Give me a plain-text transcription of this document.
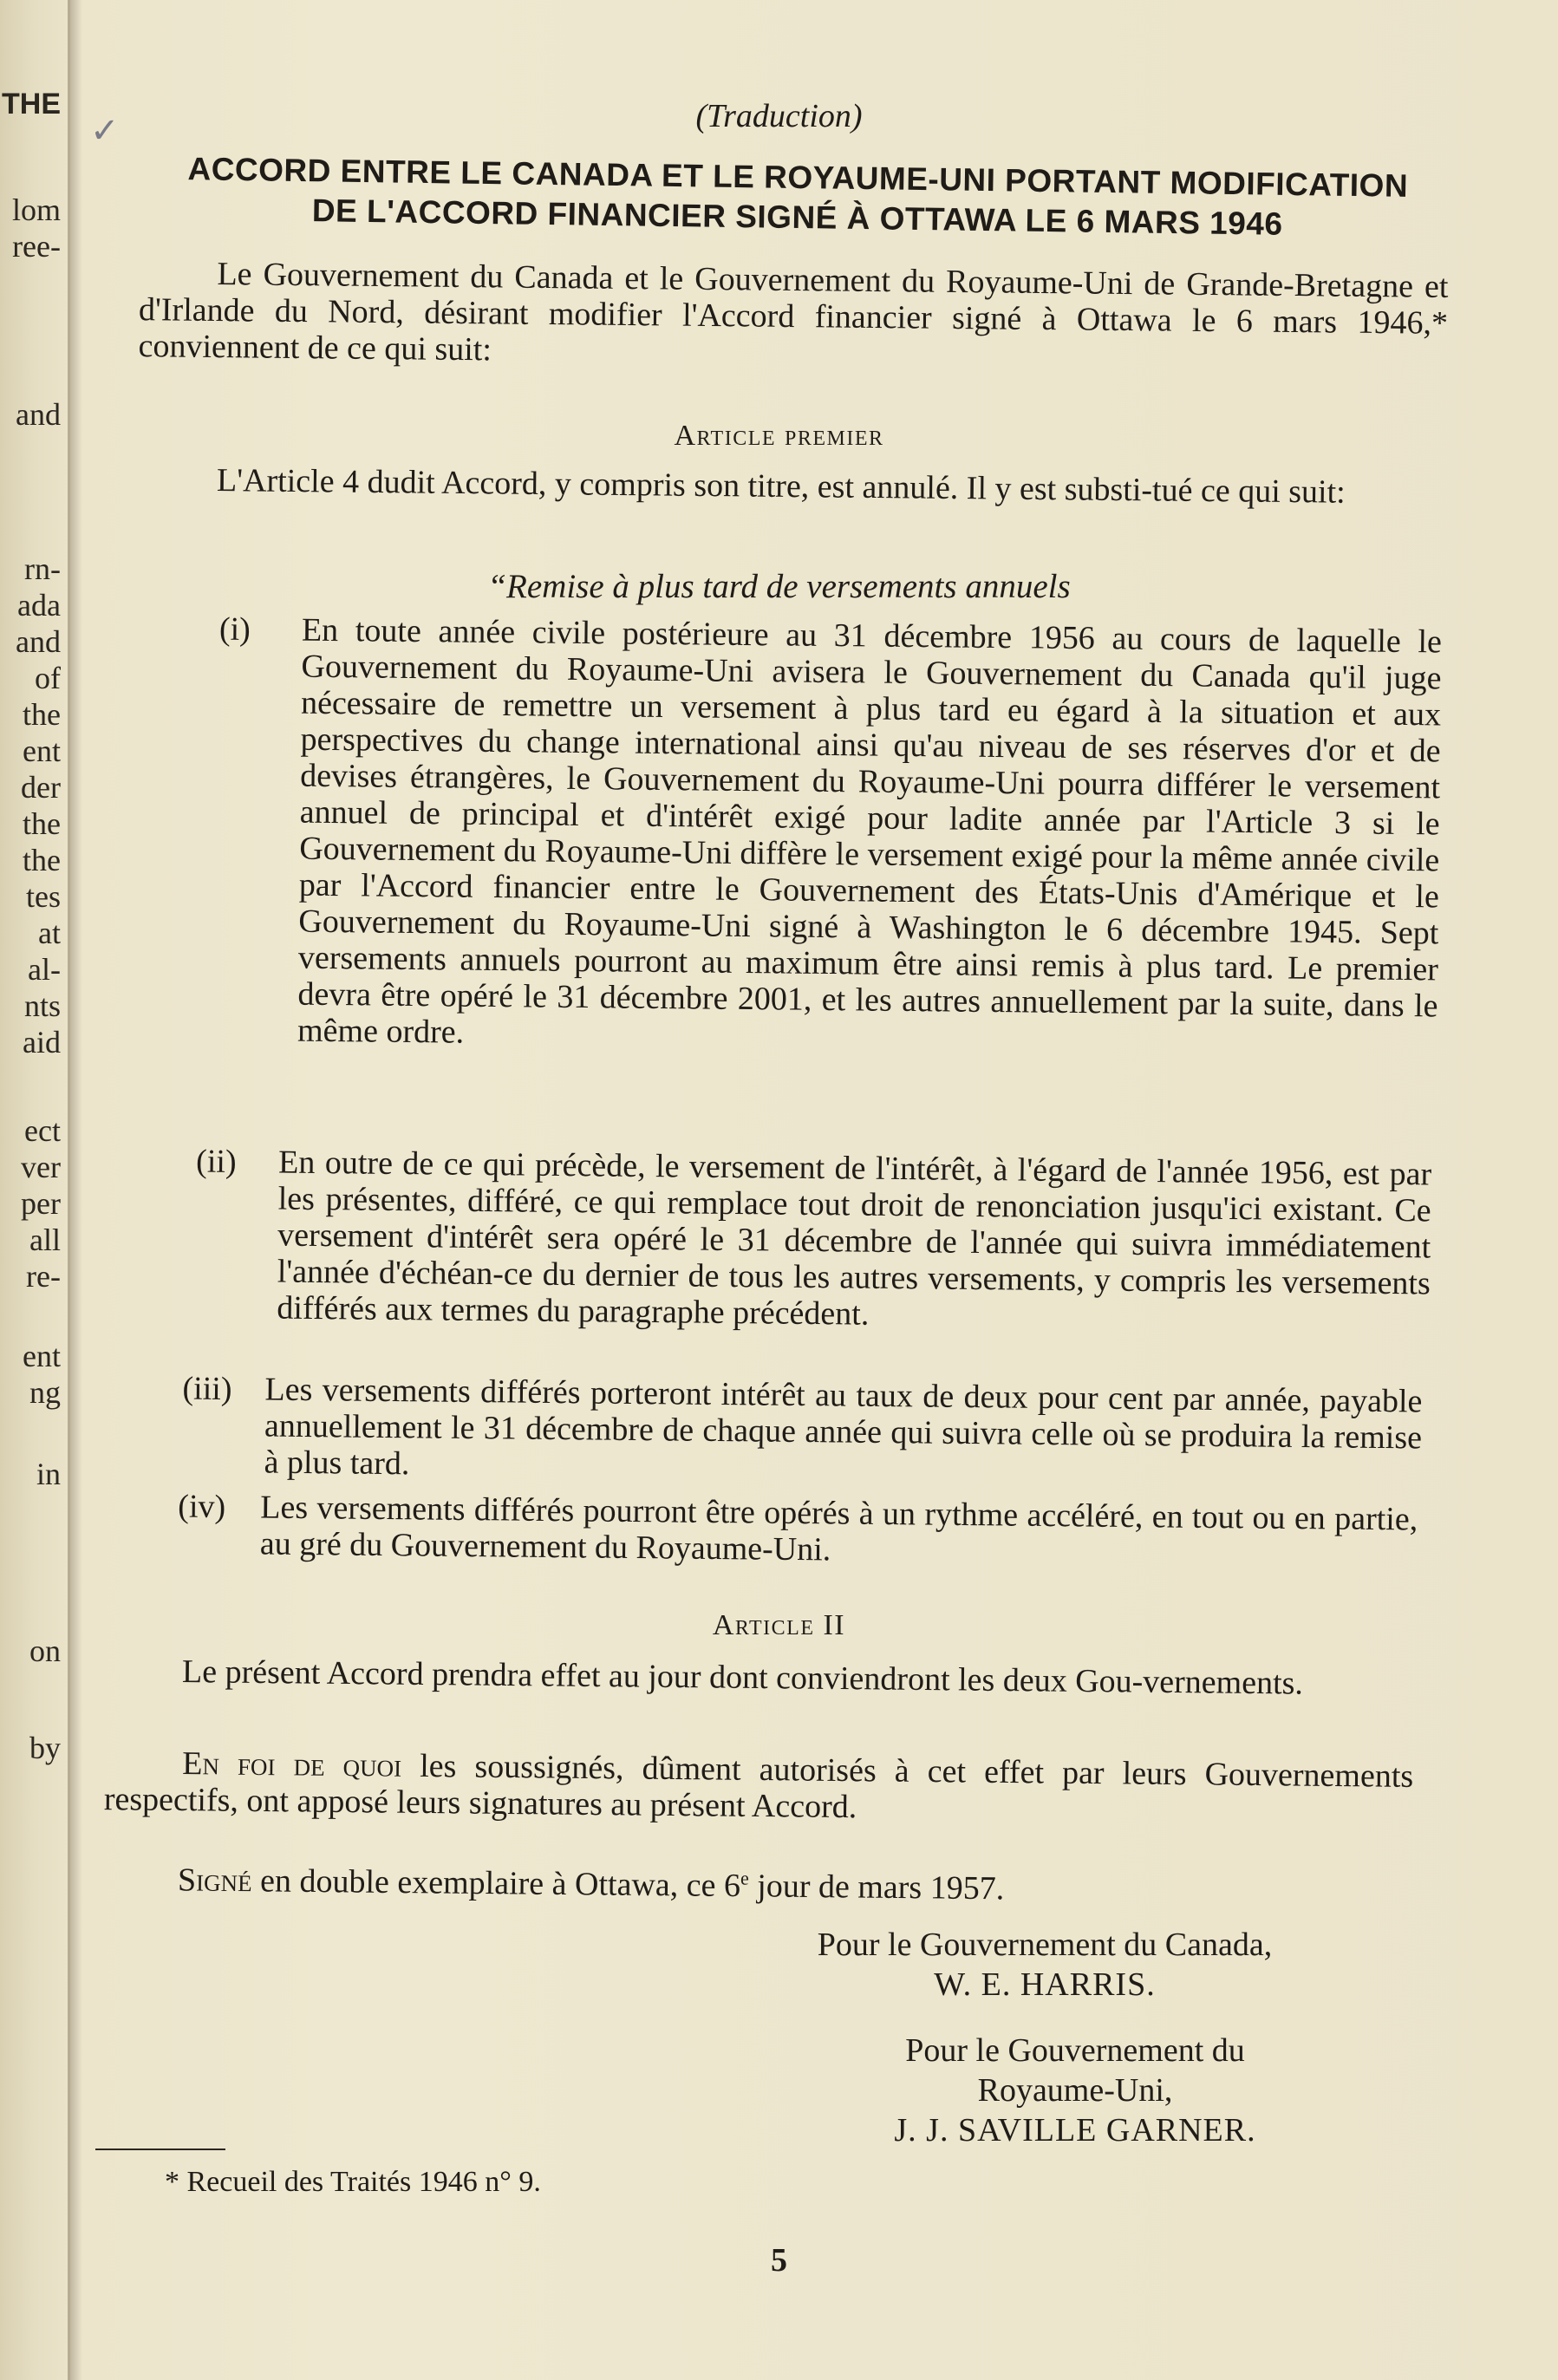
THE
lom
ree-
and
rn-
ada
and
of
the
ent
der
the
the
tes
at
al-
nts
aid
ect
ver
per
all
re-
ent
ng
in
on
by
✓	(Traduction)
ACCORD ENTRE LE CANADA ET LE ROYAUME-UNI PORTANT MODIFICATION
DE L'ACCORD FINANCIER SIGNÉ À OTTAWA LE 6 MARS 1946
Le Gouvernement du Canada et le Gouvernement du Royaume-Uni de Grande-Bretagne et d'Irlande du Nord, désirant modifier l'Accord financier signé à Ottawa le 6 mars 1946,* conviennent de ce qui suit:
Article premier
L'Article 4 dudit Accord, y compris son titre, est annulé. Il y est substi-tué ce qui suit:
“Remise à plus tard de versements annuels
(i)	En toute année civile postérieure au 31 décembre 1956 au cours de laquelle le Gouvernement du Royaume-Uni avisera le Gouvernement du Canada qu'il juge nécessaire de remettre un versement à plus tard eu égard à la situation et aux perspectives du change international ainsi qu'au niveau de ses réserves d'or et de devises étrangères, le Gouvernement du Royaume-Uni pourra différer le versement annuel de principal et d'intérêt exigé pour ladite année par l'Article 3 si le Gouvernement du Royaume-Uni diffère le versement exigé pour la même année civile par l'Accord financier entre le Gouvernement des États-Unis d'Amérique et le Gouvernement du Royaume-Uni signé à Washington le 6 décembre 1945. Sept versements annuels pourront au maximum être ainsi remis à plus tard. Le premier devra être opéré le 31 décembre 2001, et les autres annuellement par la suite, dans le même ordre.
(ii)	En outre de ce qui précède, le versement de l'intérêt, à l'égard de l'année 1956, est par les présentes, différé, ce qui remplace tout droit de renonciation jusqu'ici existant. Ce versement d'intérêt sera opéré le 31 décembre de l'année qui suivra immédiatement l'année d'échéan-ce du dernier de tous les autres versements, y compris les versements différés aux termes du paragraphe précédent.
(iii) Les versements différés porteront intérêt au taux de deux pour cent par année, payable annuellement le 31 décembre de chaque année qui suivra celle où se produira la remise à plus tard.
(iv)	Les versements différés pourront être opérés à un rythme accéléré, en tout ou en partie, au gré du Gouvernement du Royaume-Uni.
Article II
Le présent Accord prendra effet au jour dont conviendront les deux Gou-vernements.
En foi de quoi les soussignés, dûment autorisés à cet effet par leurs Gouvernements respectifs, ont apposé leurs signatures au présent Accord.
Signé en double exemplaire à Ottawa, ce 6e jour de mars 1957.
Pour le Gouvernement du Canada,
W. E. HARRIS.
Pour le Gouvernement du
Royaume-Uni,
J. J. SAVILLE GARNER.
* Recueil des Traités 1946 n° 9.
5
